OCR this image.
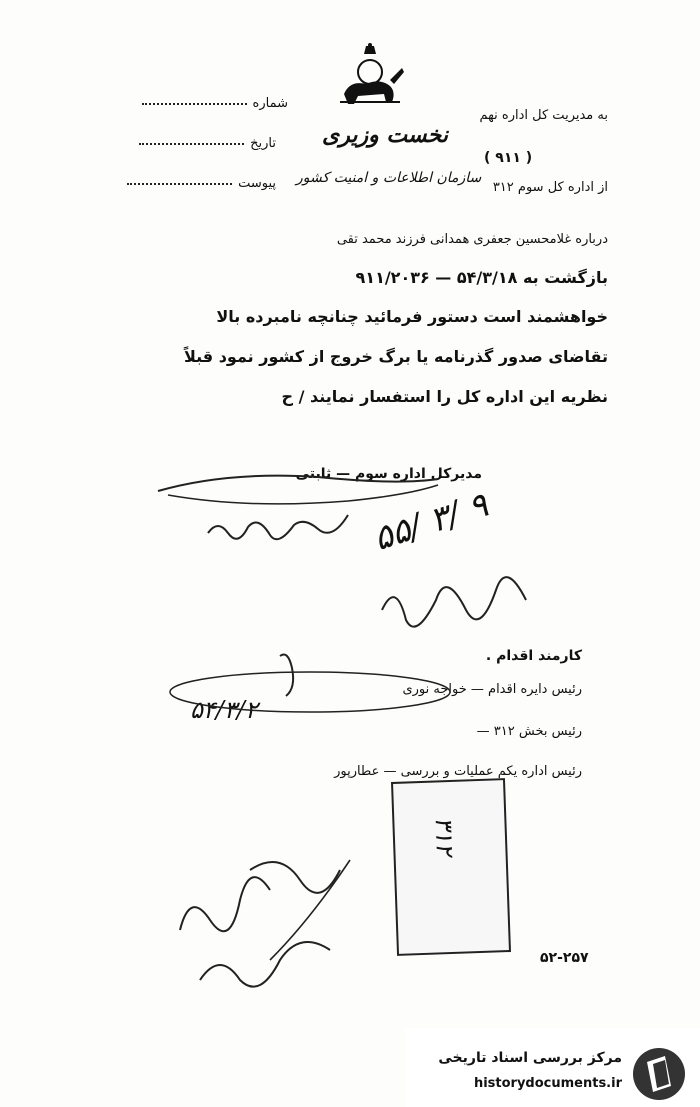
شماره
تاریخ
پیوست
به مدیریت کل اداره نهم
نخست وزیری
( ۹۱۱ )
از اداره کل سوم ۳۱۲
سازمان اطلاعات و امنیت کشور
درباره غلامحسین جعفری همدانی فرزند محمد تقی
بازگشت به ۵۴/۳/۱۸ — ۹۱۱/۲۰۳۶
خواهشمند است دستور فرمائید چنانچه نامبرده بالا
تقاضای صدور گذرنامه یا برگ خروج از کشور نمود قبلاً
نظریه این اداره کل را استفسار نمایند / ح
مدیرکل اداره سوم — ثابتی
۵۵/ ۳/ ۹
کارمند اقدام .
رئیس دایره اقدام — خواجه نوری
۵۴/۳/۲
رئیس بخش ۳۱۲ —
رئیس اداره یکم عملیات و بررسی — عطارپور
۳۱۲
۵۲-۲۵۷
مرکز بررسی اسناد تاریخی
historydocuments.ir
